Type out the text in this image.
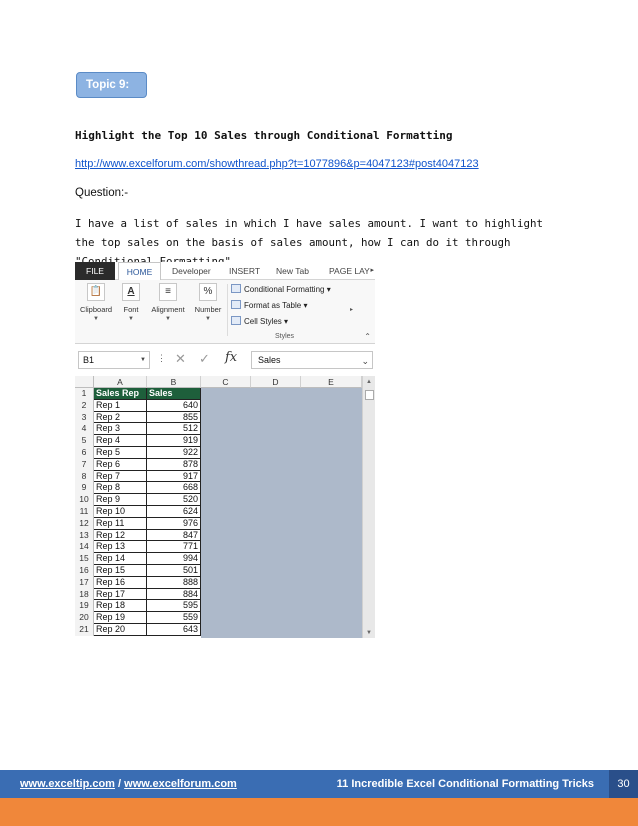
Topic 9:
Highlight the Top 10 Sales through Conditional Formatting
http://www.excelforum.com/showthread.php?t=1077896&p=4047123#post4047123
Question:-
I have a list of sales in which I have sales amount. I want to highlight the top sales on the basis of sales amount, how I can do it through
FILE	HOME	Developer INSERT New Tab PAGE LAY ▸
📋
Clipboard
▼
A
Font
▼
≡
Alignment
▼
%
Number
▼
Conditional Formatting ▾
Format as Table ▾
Cell Styles ▾
Styles
▸
⌃
B1	▼ ⋮ ✕ ✓ fx	Sales	⌄
▲
▼
A	B	C	D	E
1
2
3
4
5
6
7
8
9
10
11
12
13
14
15
16
17
18
19
20
21
Sales Rep	Sales
Rep 1	640
Rep 2	855
Rep 3	512
Rep 4	919
Rep 5	922
Rep 6	878
Rep 7	917
Rep 8	668
Rep 9	520
Rep 10	624
Rep 11	976
Rep 12	847
Rep 13	771
Rep 14	994
Rep 15	501
Rep 16	888
Rep 17	884
Rep 18	595
Rep 19	559
Rep 20	643
www.exceltip.com / www.excelforum.com	11 Incredible Excel Conditional Formatting Tricks	30
